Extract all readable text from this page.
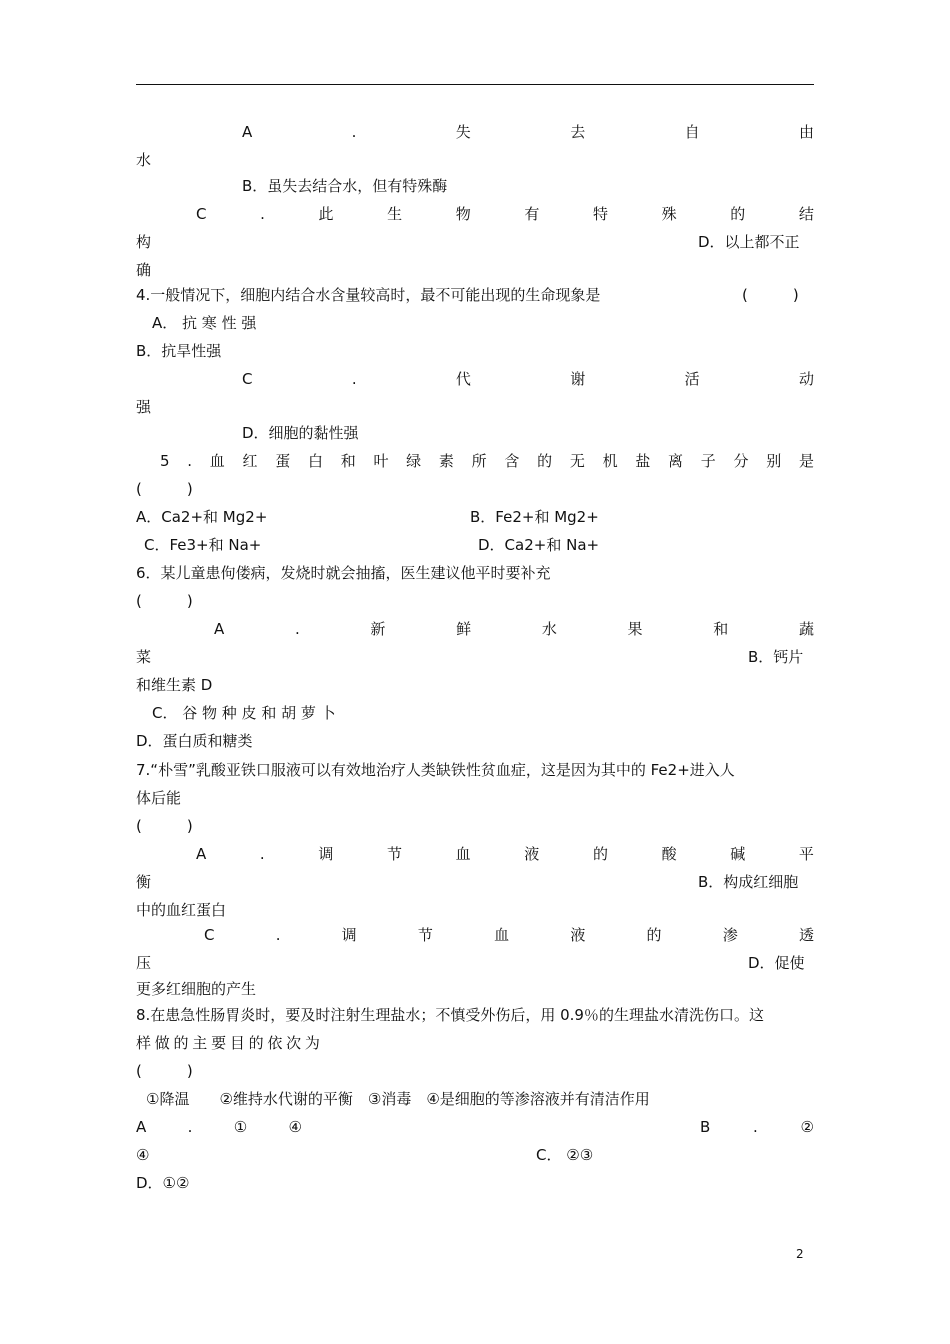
A	.	失	去	自	由
水
B．虽失去结合水，但有特殊酶
C	.	此	生	物	有	特	殊	的	结
构	D．以上都不正
确
4.一般情况下，细胞内结合水含量较高时，最不可能出现的生命现象是	(　　　)
A． 抗 寒 性 强
B．抗旱性强
C	.	代	谢	活	动
强
D．细胞的黏性强
5 . 血 红 蛋 白 和 叶 绿 素 所 含 的 无 机 盐 离 子 分 别 是
(　　　)
A．Ca2+和 Mg2+	B．Fe2+和 Mg2+
C．Fe3+和 Na+	D．Ca2+和 Na+
6．某儿童患佝偻病，发烧时就会抽搐，医生建议他平时要补充
(　　　)
A	.	新	鲜	水	果	和	蔬
菜	B．钙片
和维生素 D
C． 谷 物 种 皮 和 胡 萝 卜
D．蛋白质和糖类
7.“朴雪”乳酸亚铁口服液可以有效地治疗人类缺铁性贫血症，这是因为其中的 Fe2+进入人
体后能
(　　　)
A	.	调	节	血	液	的	酸	碱	平
衡	B．构成红细胞
中的血红蛋白
C	.	调	节	血	液	的	渗	透
压	D．促使
更多红细胞的产生
8.在患急性肠胃炎时，要及时注射生理盐水；不慎受外伤后，用 0.9％的生理盐水清洗伤口。这
样 做 的 主 要 目 的 依 次 为
(　　　)
①降温　　②维持水代谢的平衡　③消毒　④是细胞的等渗溶液并有清洁作用
A	.	①	④	B	.	②
④	C． ②③
D．①②
2
